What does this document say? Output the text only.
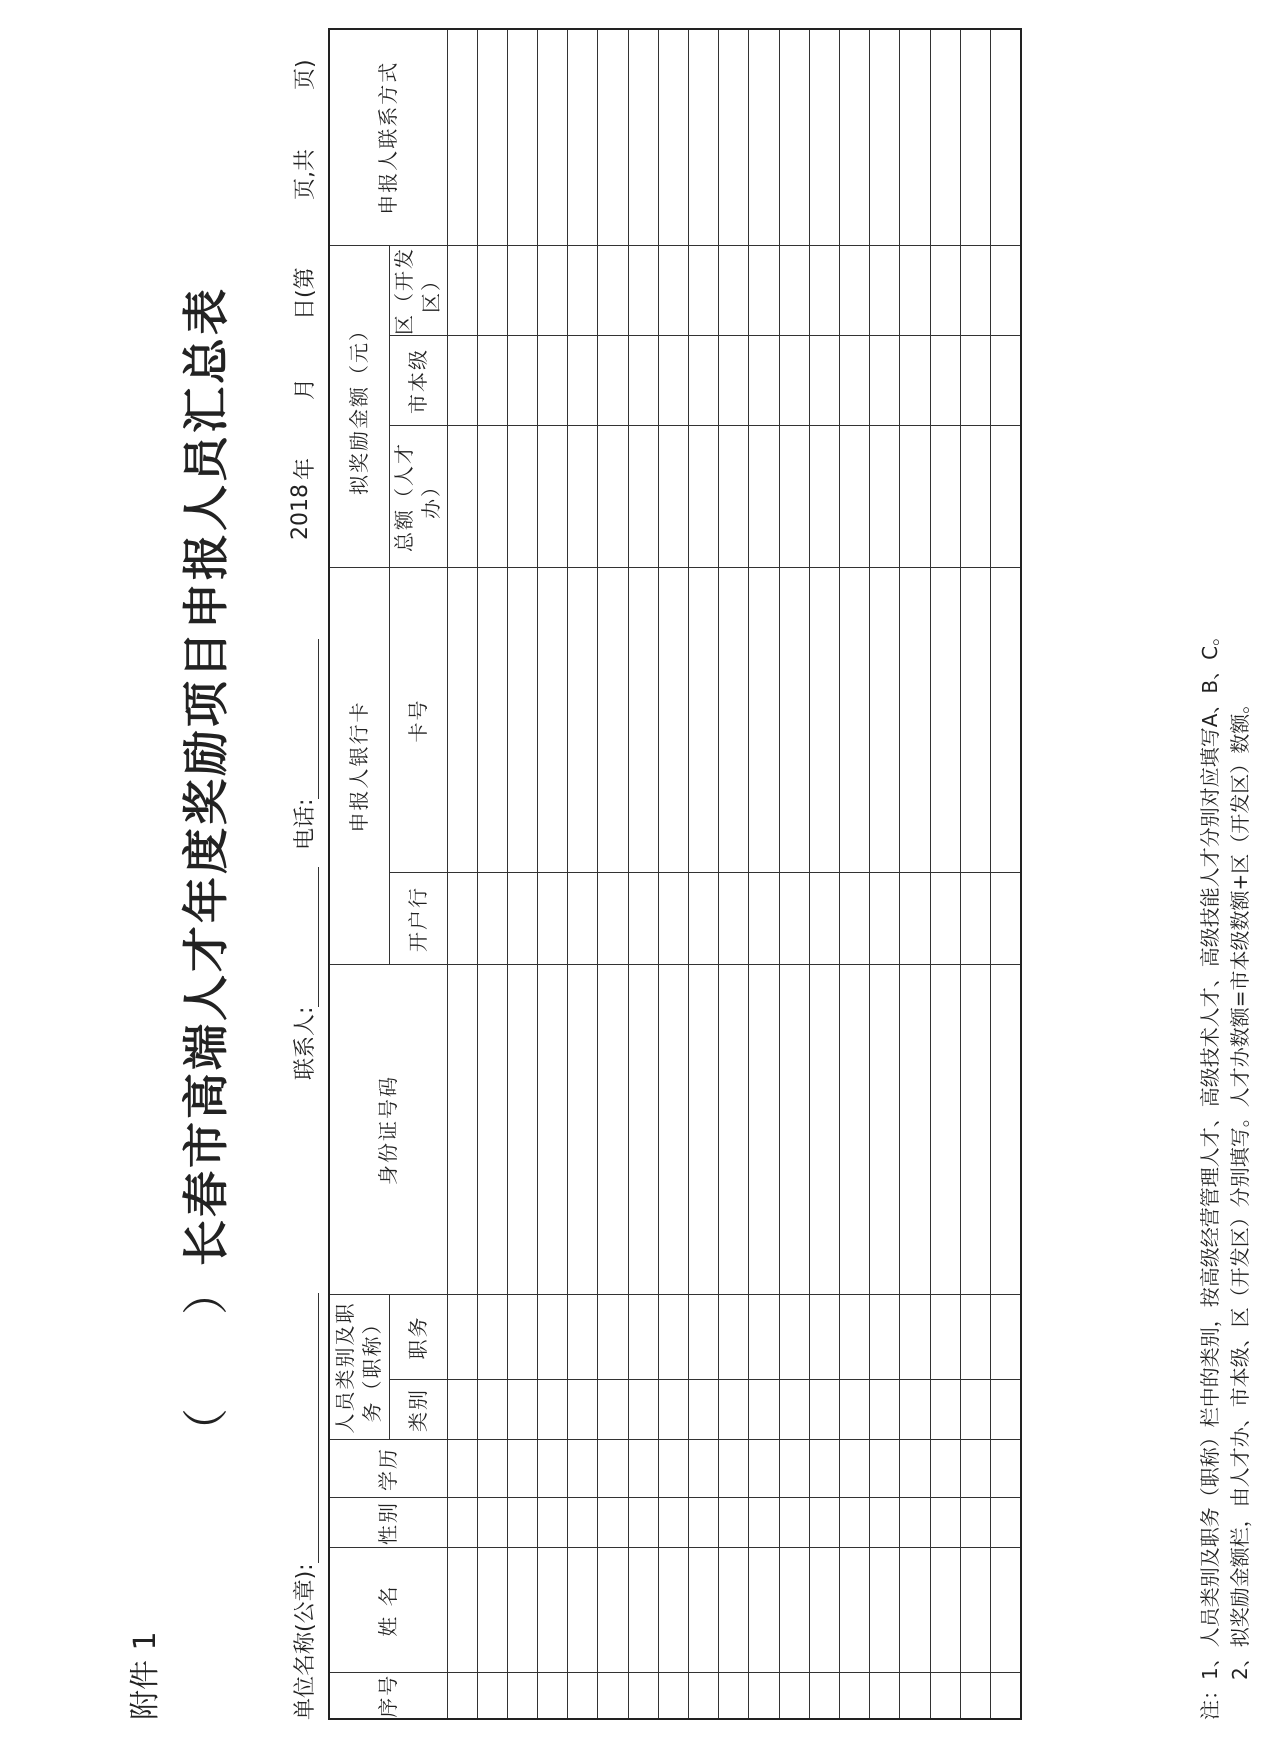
附件 1
（）长春市高端人才年度奖励项目申报人员汇总表
单位名称(公章):
联系人:
电话:
2018
年
月
日(第
页,共
页)
序号	姓 名	性别	学历	人员类别及职务（职称）		身份证号码	申报人银行卡		拟奖励金额（元）			申报人联系方式
				类别	职务		开户行	卡号	总额（人才办）	市本级	区（开发区）	

注：1、人员类别及职务（职称）栏中的类别，按高级经营管理人才、高级技术人才、高级技能人才分别对应填写A、B、C。 2、拟奖励金额栏，由人才办、市本级、区（开发区）分别填写。人才办数额=市本级数额+区（开发区）数额。
